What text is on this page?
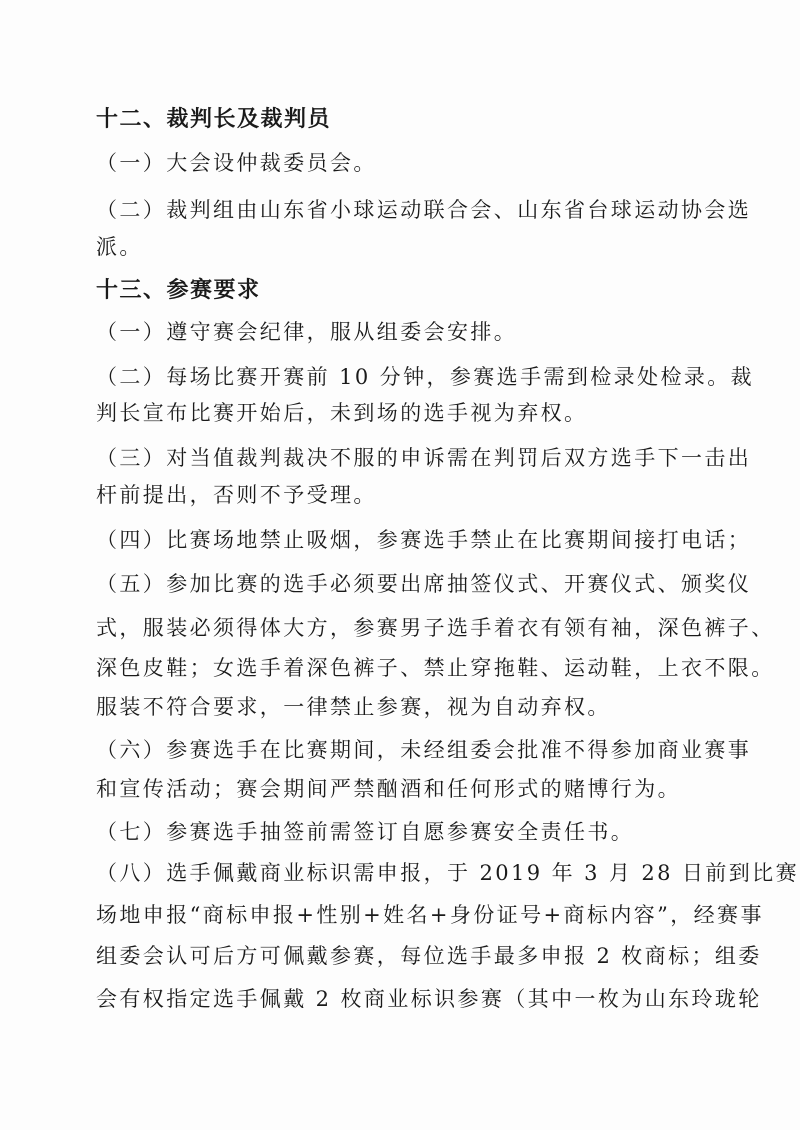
十二、裁判长及裁判员
（一）大会设仲裁委员会。
（二）裁判组由山东省小球运动联合会、山东省台球运动协会选
派。
十三、参赛要求
（一）遵守赛会纪律，服从组委会安排。
（二）每场比赛开赛前 10 分钟，参赛选手需到检录处检录。裁
判长宣布比赛开始后，未到场的选手视为弃权。
（三）对当值裁判裁决不服的申诉需在判罚后双方选手下一击出
杆前提出，否则不予受理。
（四）比赛场地禁止吸烟，参赛选手禁止在比赛期间接打电话；
（五）参加比赛的选手必须要出席抽签仪式、开赛仪式、颁奖仪
式，服装必须得体大方，参赛男子选手着衣有领有袖，深色裤子、
深色皮鞋；女选手着深色裤子、禁止穿拖鞋、运动鞋，上衣不限。
服装不符合要求，一律禁止参赛，视为自动弃权。
（六）参赛选手在比赛期间，未经组委会批准不得参加商业赛事
和宣传活动；赛会期间严禁酗酒和任何形式的赌博行为。
（七）参赛选手抽签前需签订自愿参赛安全责任书。
（八）选手佩戴商业标识需申报，于 2019 年 3 月 28 日前到比赛
场地申报“商标申报+性别+姓名+身份证号+商标内容”，经赛事
组委会认可后方可佩戴参赛，每位选手最多申报 2 枚商标；组委
会有权指定选手佩戴 2 枚商业标识参赛（其中一枚为山东玲珑轮
